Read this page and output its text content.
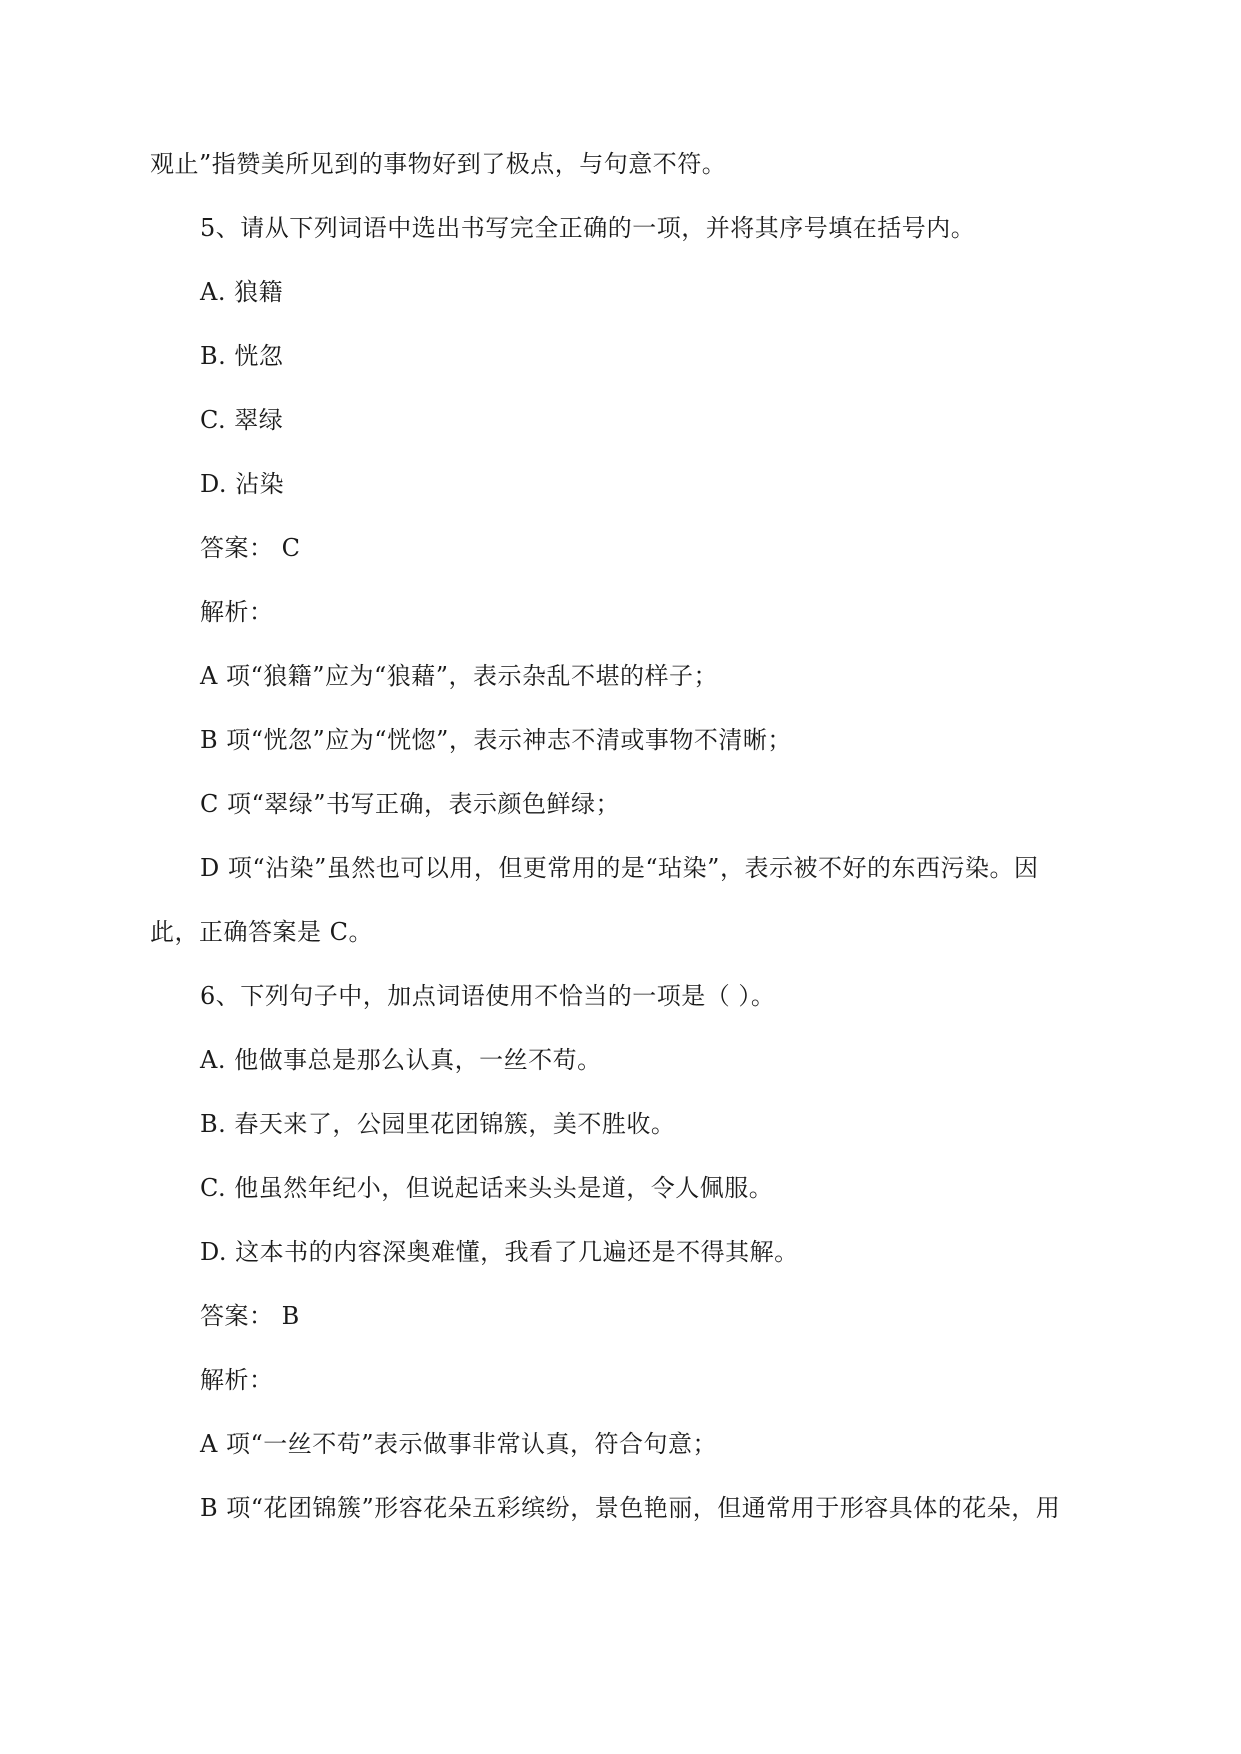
观止”指赞美所见到的事物好到了极点，与句意不符。

5、请从下列词语中选出书写完全正确的一项，并将其序号填在括号内。

A. 狼籍

B. 恍忽

C. 翠绿

D. 沾染

答案： C

解析：

A 项“狼籍”应为“狼藉”，表示杂乱不堪的样子；

B 项“恍忽”应为“恍惚”，表示神志不清或事物不清晰；

C 项“翠绿”书写正确，表示颜色鲜绿；

D 项“沾染”虽然也可以用，但更常用的是“玷染”，表示被不好的东西污染。因

此，正确答案是 C。

6、下列句子中，加点词语使用不恰当的一项是（ ）。

A. 他做事总是那么认真，一丝不苟。

B. 春天来了，公园里花团锦簇，美不胜收。

C. 他虽然年纪小，但说起话来头头是道，令人佩服。

D. 这本书的内容深奥难懂，我看了几遍还是不得其解。

答案： B

解析：

A 项“一丝不苟”表示做事非常认真，符合句意；

B 项“花团锦簇”形容花朵五彩缤纷，景色艳丽，但通常用于形容具体的花朵，用
